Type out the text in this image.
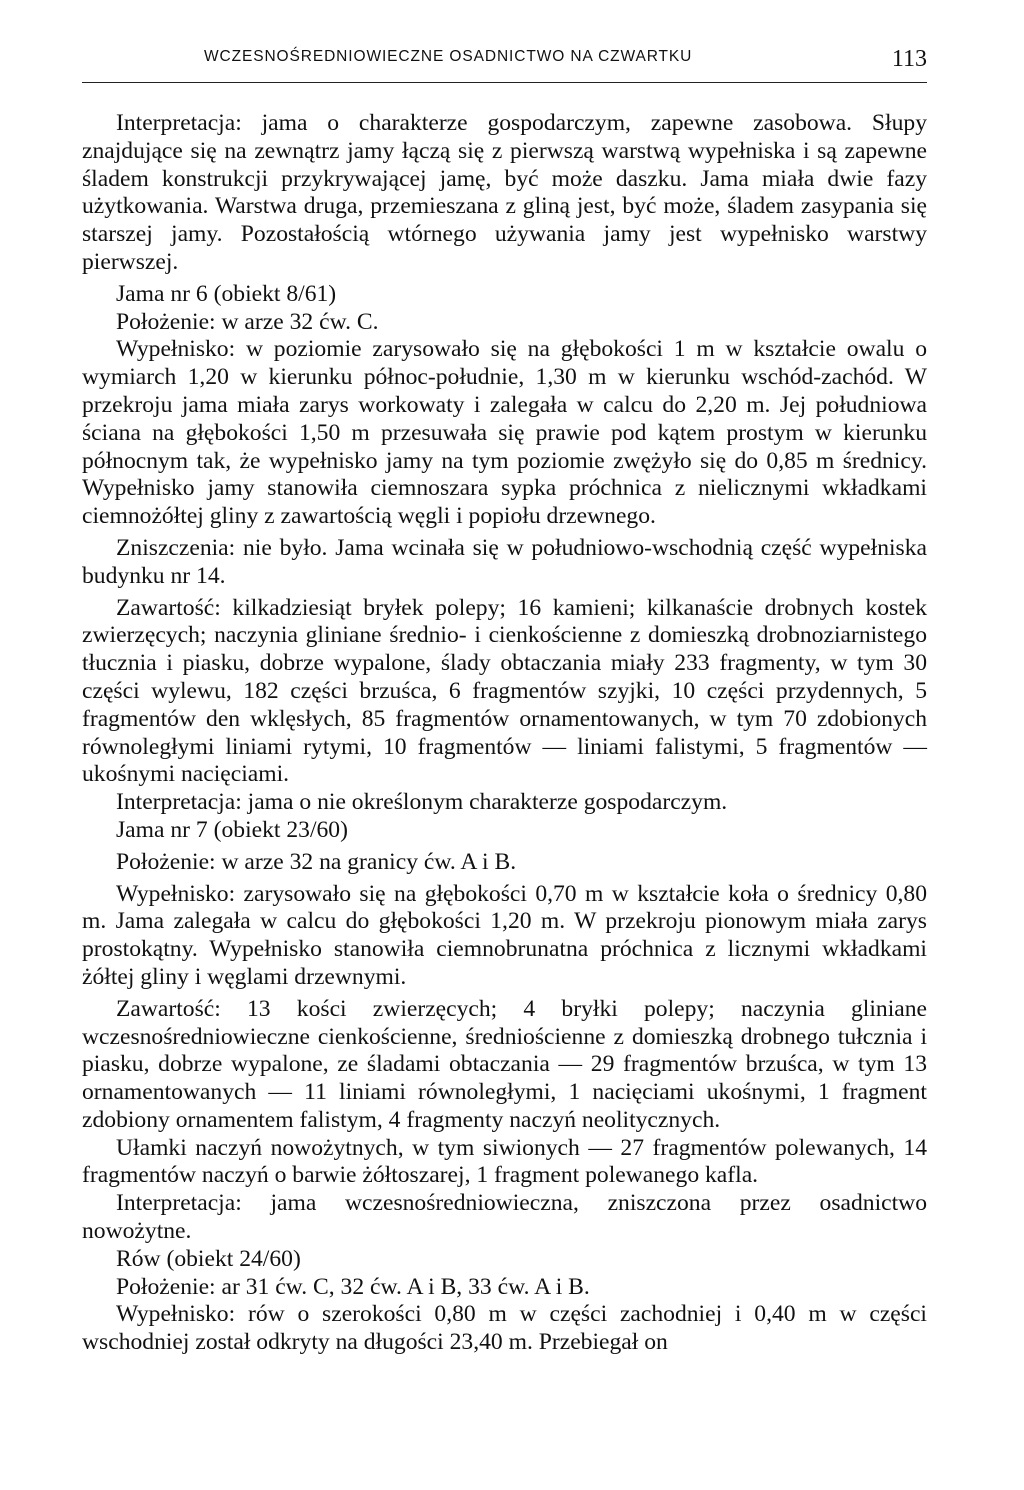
WCZESNOŚREDNIOWIECZNE OSADNICTWO NA CZWARTKU	113

Interpretacja: jama o charakterze gospodarczym, zapewne zasobowa. Słupy znajdujące się na zewnątrz jamy łączą się z pierwszą warstwą wypełniska i są zapewne śladem konstrukcji przykrywającej jamę, być może daszku. Jama miała dwie fazy użytkowania. Warstwa druga, przemieszana z gliną jest, być może, śladem zasypania się starszej jamy. Pozostałością wtórnego używania jamy jest wypełnisko warstwy pierwszej.

Jama nr 6 (obiekt 8/61)

Położenie: w arze 32 ćw. C.

Wypełnisko: w poziomie zarysowało się na głębokości 1 m w kształcie owalu o wymiarch 1,20 w kierunku północ-południe, 1,30 m w kierunku wschód-zachód. W przekroju jama miała zarys workowaty i zalegała w calcu do 2,20 m. Jej południowa ściana na głębokości 1,50 m przesuwała się prawie pod kątem prostym w kierunku północnym tak, że wypełnisko jamy na tym poziomie zwężyło się do 0,85 m średnicy. Wypełnisko jamy stanowiła ciemnoszara sypka próchnica z nielicznymi wkładkami ciemnożółtej gliny z zawartością węgli i popiołu drzewnego.

Zniszczenia: nie było. Jama wcinała się w południowo-wschodnią część wypełniska budynku nr 14.

Zawartość: kilkadziesiąt bryłek polepy; 16 kamieni; kilkanaście drobnych kostek zwierzęcych; naczynia gliniane średnio- i cienkościenne z domieszką drobnoziarnistego tłucznia i piasku, dobrze wypalone, ślady obtaczania miały 233 fragmenty, w tym 30 części wylewu, 182 części brzuśca, 6 fragmentów szyjki, 10 części przydennych, 5 fragmentów den wklęsłych, 85 fragmentów ornamentowanych, w tym 70 zdobionych równoległymi liniami rytymi, 10 fragmentów — liniami falistymi, 5 fragmentów — ukośnymi nacięciami.

Interpretacja: jama o nie określonym charakterze gospodarczym.

Jama nr 7 (obiekt 23/60)

Położenie: w arze 32 na granicy ćw. A i B.

Wypełnisko: zarysowało się na głębokości 0,70 m w kształcie koła o średnicy 0,80 m. Jama zalegała w calcu do głębokości 1,20 m. W przekroju pionowym miała zarys prostokątny. Wypełnisko stanowiła ciemnobrunatna próchnica z licznymi wkładkami żółtej gliny i węglami drzewnymi.

Zawartość: 13 kości zwierzęcych; 4 bryłki polepy; naczynia gliniane wczesnośredniowieczne cienkościenne, średniościenne z domieszką drobnego tułcznia i piasku, dobrze wypalone, ze śladami obtaczania — 29 fragmentów brzuśca, w tym 13 ornamentowanych — 11 liniami równoległymi, 1 nacięciami ukośnymi, 1 fragment zdobiony ornamentem falistym, 4 fragmenty naczyń neolitycznych.

Ułamki naczyń nowożytnych, w tym siwionych — 27 fragmentów polewanych, 14 fragmentów naczyń o barwie żółtoszarej, 1 fragment polewanego kafla.

Interpretacja: jama wczesnośredniowieczna, zniszczona przez osadnictwo nowożytne.

Rów (obiekt 24/60)

Położenie: ar 31 ćw. C, 32 ćw. A i B, 33 ćw. A i B.

Wypełnisko: rów o szerokości 0,80 m w części zachodniej i 0,40 m w części wschodniej został odkryty na długości 23,40 m. Przebiegał on
